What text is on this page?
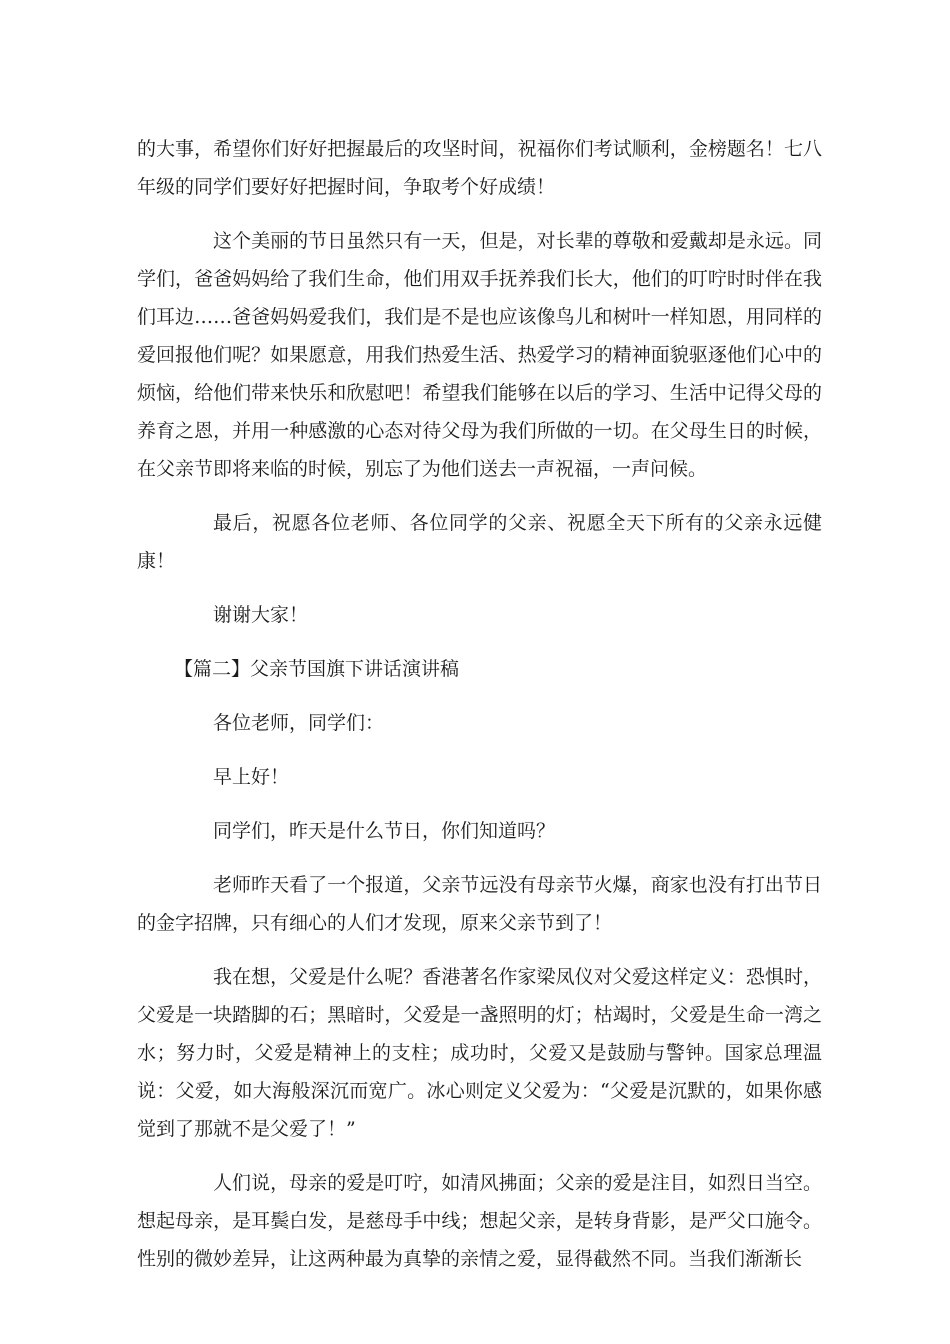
的大事，希望你们好好把握最后的攻坚时间，祝福你们考试顺利，金榜题名！七八年级的同学们要好好把握时间，争取考个好成绩！

这个美丽的节日虽然只有一天，但是，对长辈的尊敬和爱戴却是永远。同学们，爸爸妈妈给了我们生命，他们用双手抚养我们长大，他们的叮咛时时伴在我们耳边……爸爸妈妈爱我们，我们是不是也应该像鸟儿和树叶一样知恩，用同样的爱回报他们呢？如果愿意，用我们热爱生活、热爱学习的精神面貌驱逐他们心中的烦恼，给他们带来快乐和欣慰吧！希望我们能够在以后的学习、生活中记得父母的养育之恩，并用一种感激的心态对待父母为我们所做的一切。在父母生日的时候，在父亲节即将来临的时候，别忘了为他们送去一声祝福，一声问候。

最后，祝愿各位老师、各位同学的父亲、祝愿全天下所有的父亲永远健康！

谢谢大家！

【篇二】父亲节国旗下讲话演讲稿

各位老师，同学们：

早上好！

同学们，昨天是什么节日，你们知道吗？

老师昨天看了一个报道，父亲节远没有母亲节火爆，商家也没有打出节日的金字招牌，只有细心的人们才发现，原来父亲节到了！

我在想，父爱是什么呢？香港著名作家梁凤仪对父爱这样定义：恐惧时，父爱是一块踏脚的石；黑暗时，父爱是一盏照明的灯；枯竭时，父爱是生命一湾之水；努力时，父爱是精神上的支柱；成功时，父爱又是鼓励与警钟。国家总理温说：父爱，如大海般深沉而宽广。冰心则定义父爱为：“父爱是沉默的，如果你感觉到了那就不是父爱了！”

人们说，母亲的爱是叮咛，如清风拂面；父亲的爱是注目，如烈日当空。想起母亲，是耳鬓白发，是慈母手中线；想起父亲，是转身背影，是严父口施令。性别的微妙差异，让这两种最为真挚的亲情之爱，显得截然不同。当我们渐渐长
